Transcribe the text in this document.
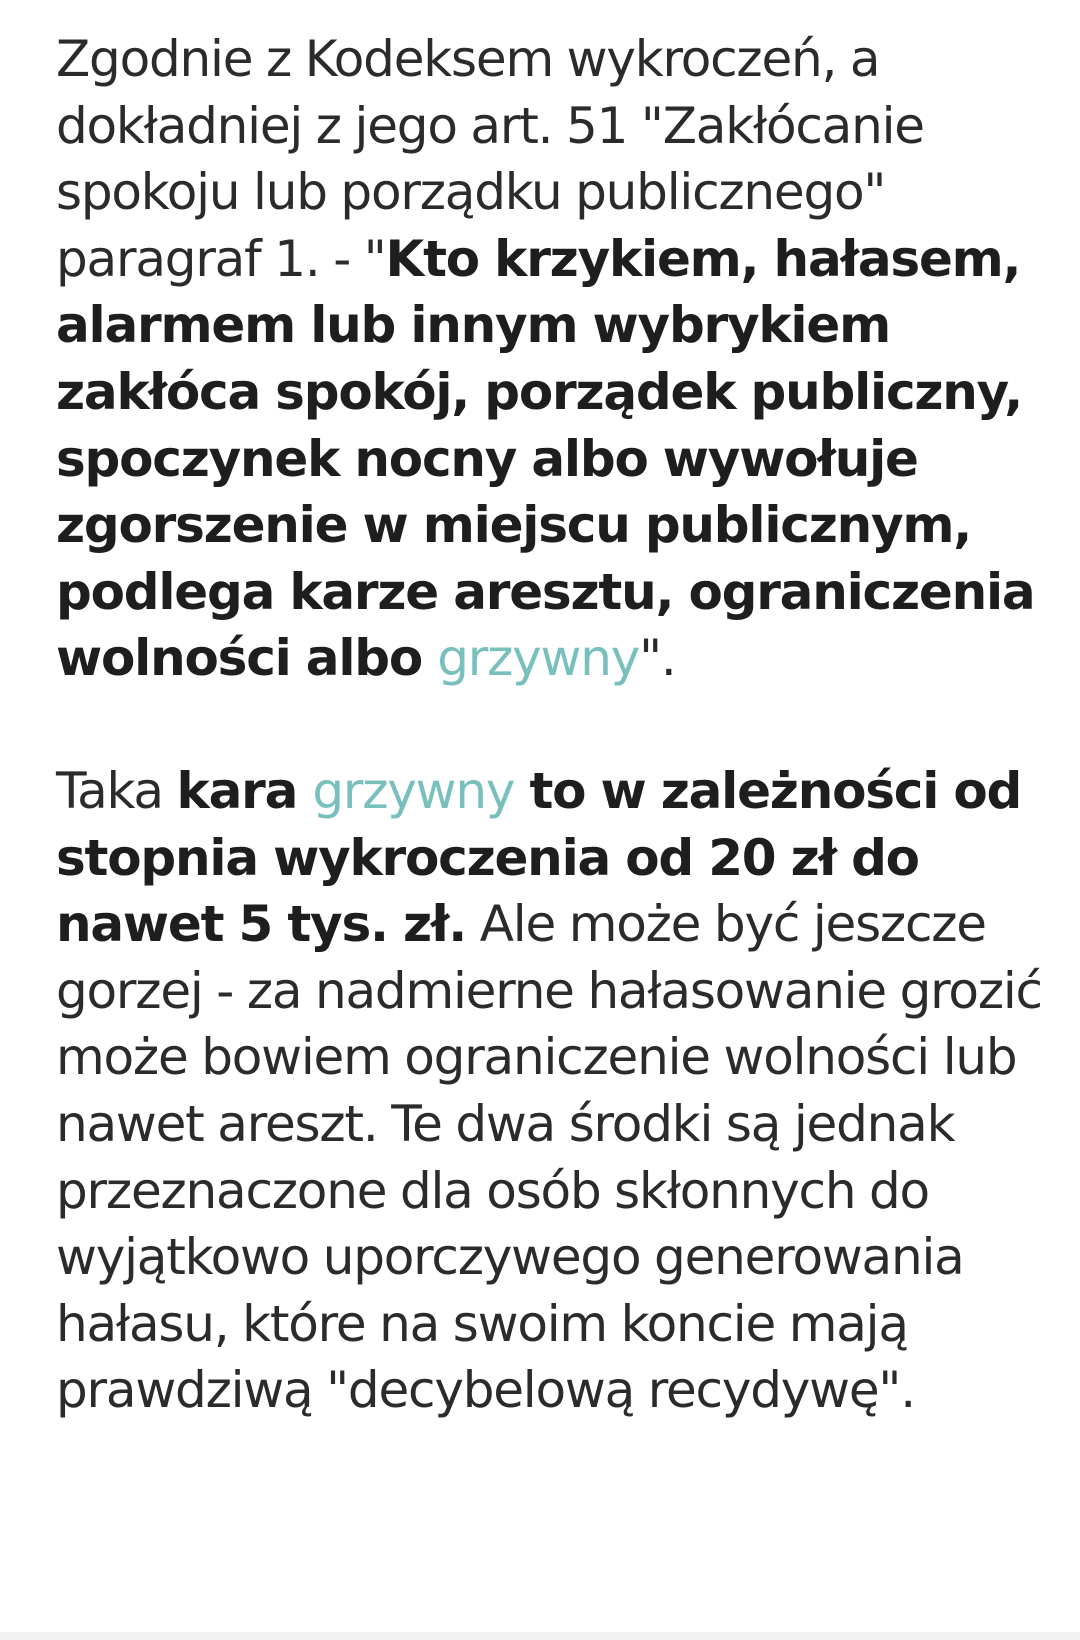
Zgodnie z Kodeksem wykroczeń, a dokładniej z jego art. 51 "Zakłócanie spokoju lub porządku publicznego" paragraf 1. - "Kto krzykiem, hałasem, alarmem lub innym wybrykiem zakłóca spokój, porządek publiczny, spoczynek nocny albo wywołuje zgorszenie w miejscu publicznym, podlega karze aresztu, ograniczenia wolności albo grzywny".

Taka kara grzywny to w zależności od stopnia wykroczenia od 20 zł do nawet 5 tys. zł. Ale może być jeszcze gorzej - za nadmierne hałasowanie grozić może bowiem ograniczenie wolności lub nawet areszt. Te dwa środki są jednak przeznaczone dla osób skłonnych do wyjątkowo uporczywego generowania hałasu, które na swoim koncie mają prawdziwą "decybelową recydywę".
